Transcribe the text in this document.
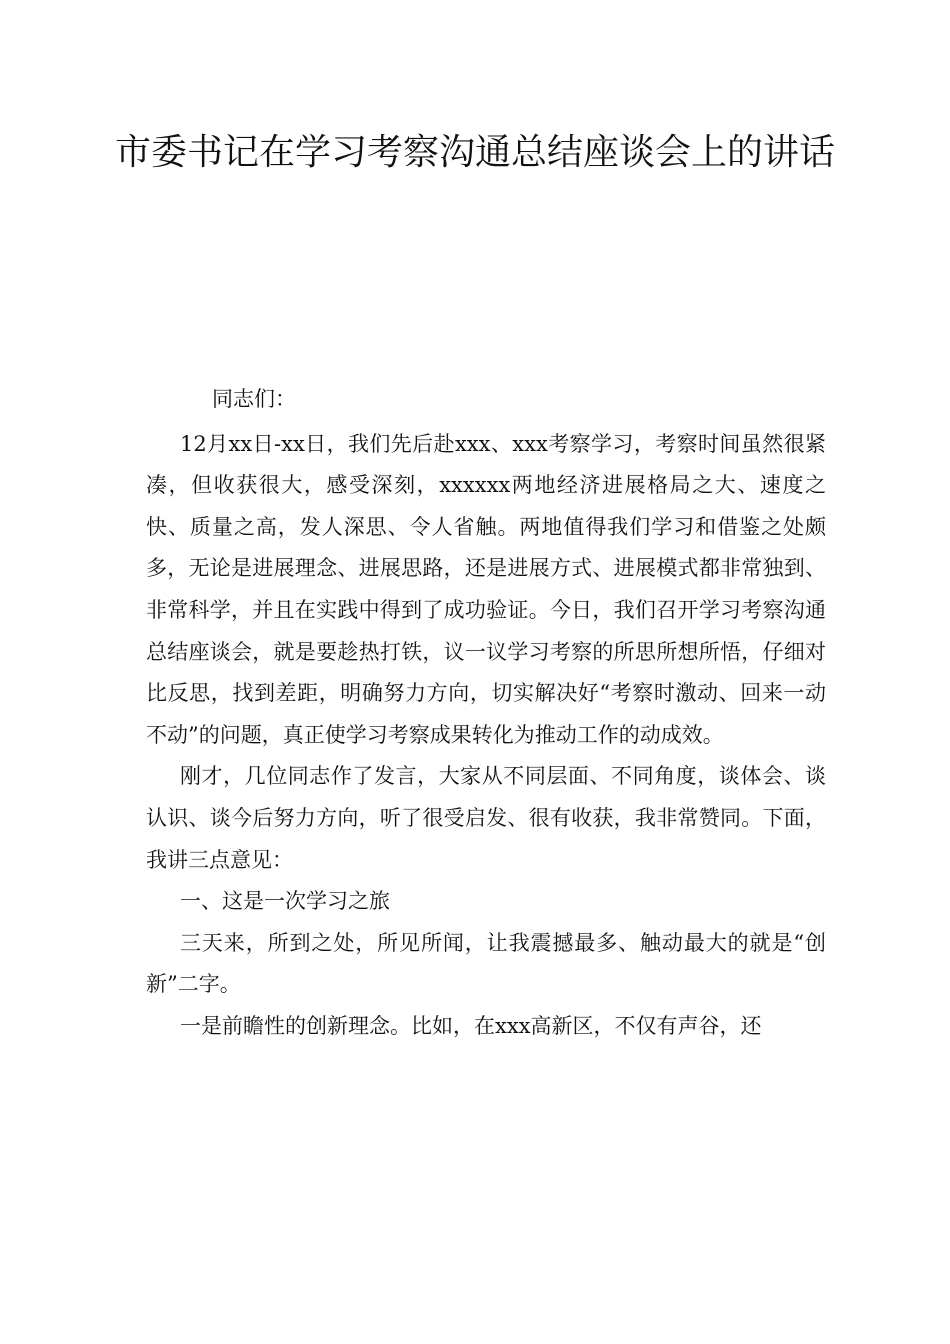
市委书记在学习考察沟通总结座谈会上的讲话

同志们：

12月xx日-xx日，我们先后赴xxx、xxx考察学习，考察时间虽然很紧凑，但收获很大，感受深刻，xxxxxx两地经济进展格局之大、速度之快、质量之高，发人深思、令人省触。两地值得我们学习和借鉴之处颇多，无论是进展理念、进展思路，还是进展方式、进展模式都非常独到、非常科学，并且在实践中得到了成功验证。今日，我们召开学习考察沟通总结座谈会，就是要趁热打铁，议一议学习考察的所思所想所悟，仔细对比反思，找到差距，明确努力方向，切实解决好“考察时激动、回来一动不动”的问题，真正使学习考察成果转化为推动工作的动成效。

刚才，几位同志作了发言，大家从不同层面、不同角度，谈体会、谈认识、谈今后努力方向，听了很受启发、很有收获，我非常赞同。下面，我讲三点意见：

一、这是一次学习之旅

三天来，所到之处，所见所闻，让我震撼最多、触动最大的就是“创新”二字。

一是前瞻性的创新理念。比如，在xxx高新区，不仅有声谷，还
